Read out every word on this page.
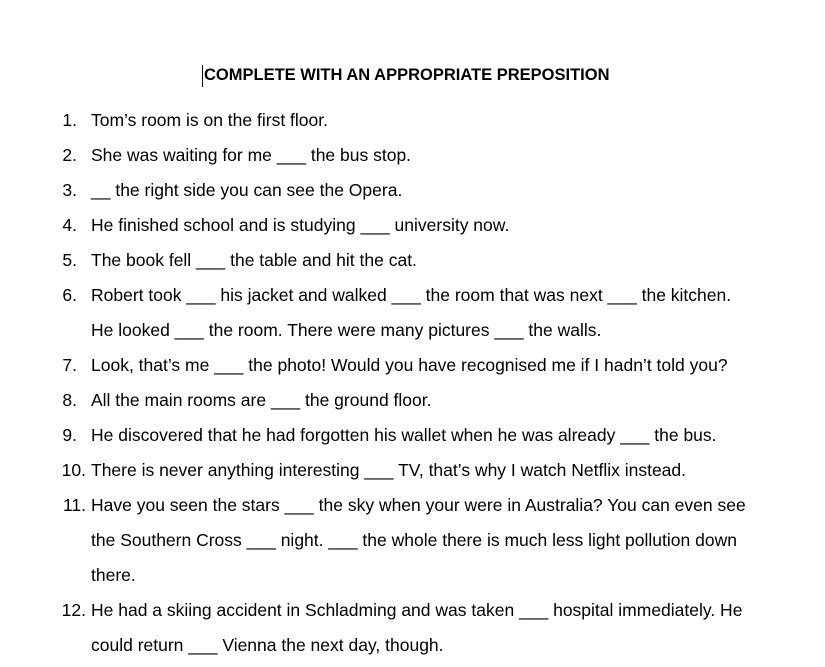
COMPLETE WITH AN APPROPRIATE PREPOSITION
1. Tom’s room is on the first floor.
2. She was waiting for me ___ the bus stop.
3. __ the right side you can see the Opera.
4. He finished school and is studying ___ university now.
5. The book fell ___ the table and hit the cat.
6. Robert took ___ his jacket and walked ___ the room that was next ___ the kitchen.
He looked ___ the room. There were many pictures ___ the walls.
7. Look, that’s me ___ the photo! Would you have recognised me if I hadn’t told you?
8. All the main rooms are ___ the ground floor.
9. He discovered that he had forgotten his wallet when he was already ___ the bus.
10. There is never anything interesting ___ TV, that’s why I watch Netflix instead.
11. Have you seen the stars ___ the sky when your were in Australia? You can even see
the Southern Cross ___ night. ___ the whole there is much less light pollution down
there.
12. He had a skiing accident in Schladming and was taken ___ hospital immediately. He
could return ___ Vienna the next day, though.
